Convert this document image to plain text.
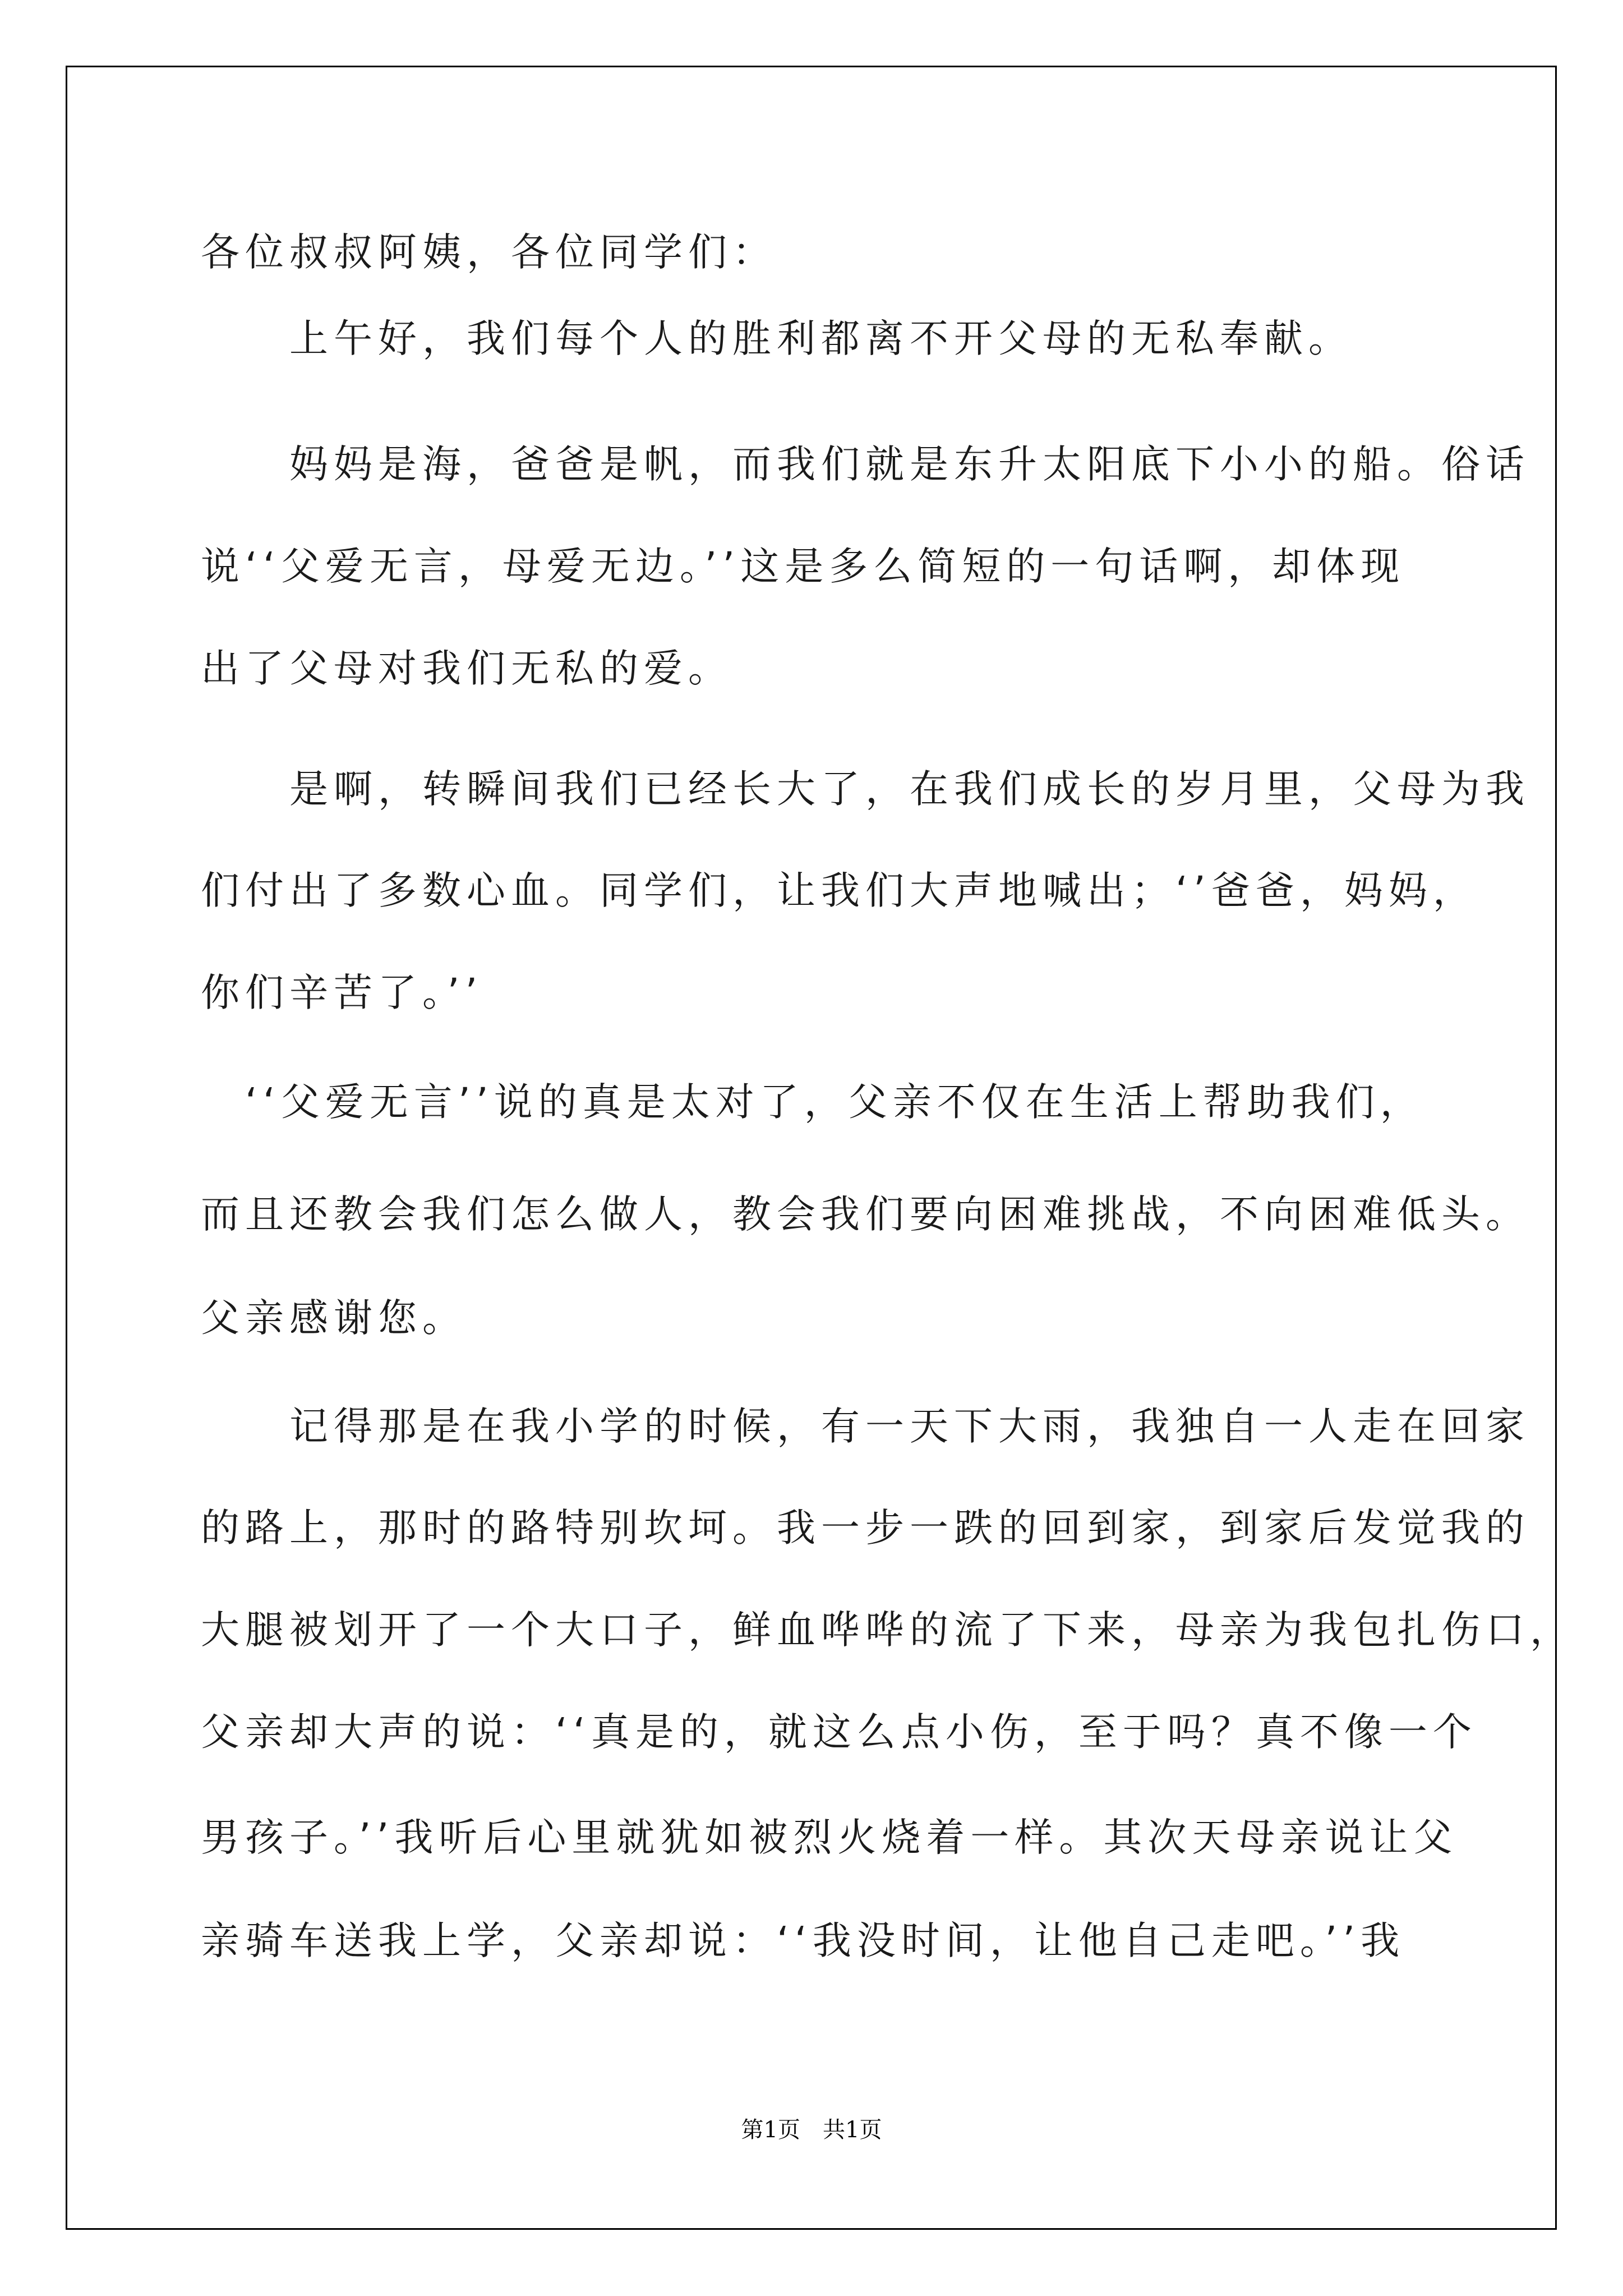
各位叔叔阿姨，各位同学们：

　　上午好，我们每个人的胜利都离不开父母的无私奉献。

　　妈妈是海，爸爸是帆，而我们就是东升太阳底下小小的船。俗话

说‘‘父爱无言，母爱无边。’’这是多么简短的一句话啊，却体现

出了父母对我们无私的爱。

　　是啊，转瞬间我们已经长大了，在我们成长的岁月里，父母为我

们付出了多数心血。同学们，让我们大声地喊出；‘’爸爸，妈妈，

你们辛苦了。’’

　‘‘父爱无言’’说的真是太对了，父亲不仅在生活上帮助我们，

而且还教会我们怎么做人，教会我们要向困难挑战，不向困难低头。

父亲感谢您。

　　记得那是在我小学的时候，有一天下大雨，我独自一人走在回家

的路上，那时的路特别坎坷。我一步一跌的回到家，到家后发觉我的

大腿被划开了一个大口子，鲜血哗哗的流了下来，母亲为我包扎伤口，

父亲却大声的说：‘‘真是的，就这么点小伤，至于吗？真不像一个

男孩子。’’我听后心里就犹如被烈火烧着一样。其次天母亲说让父

亲骑车送我上学，父亲却说：‘‘我没时间，让他自己走吧。’’我

第1页　共1页
